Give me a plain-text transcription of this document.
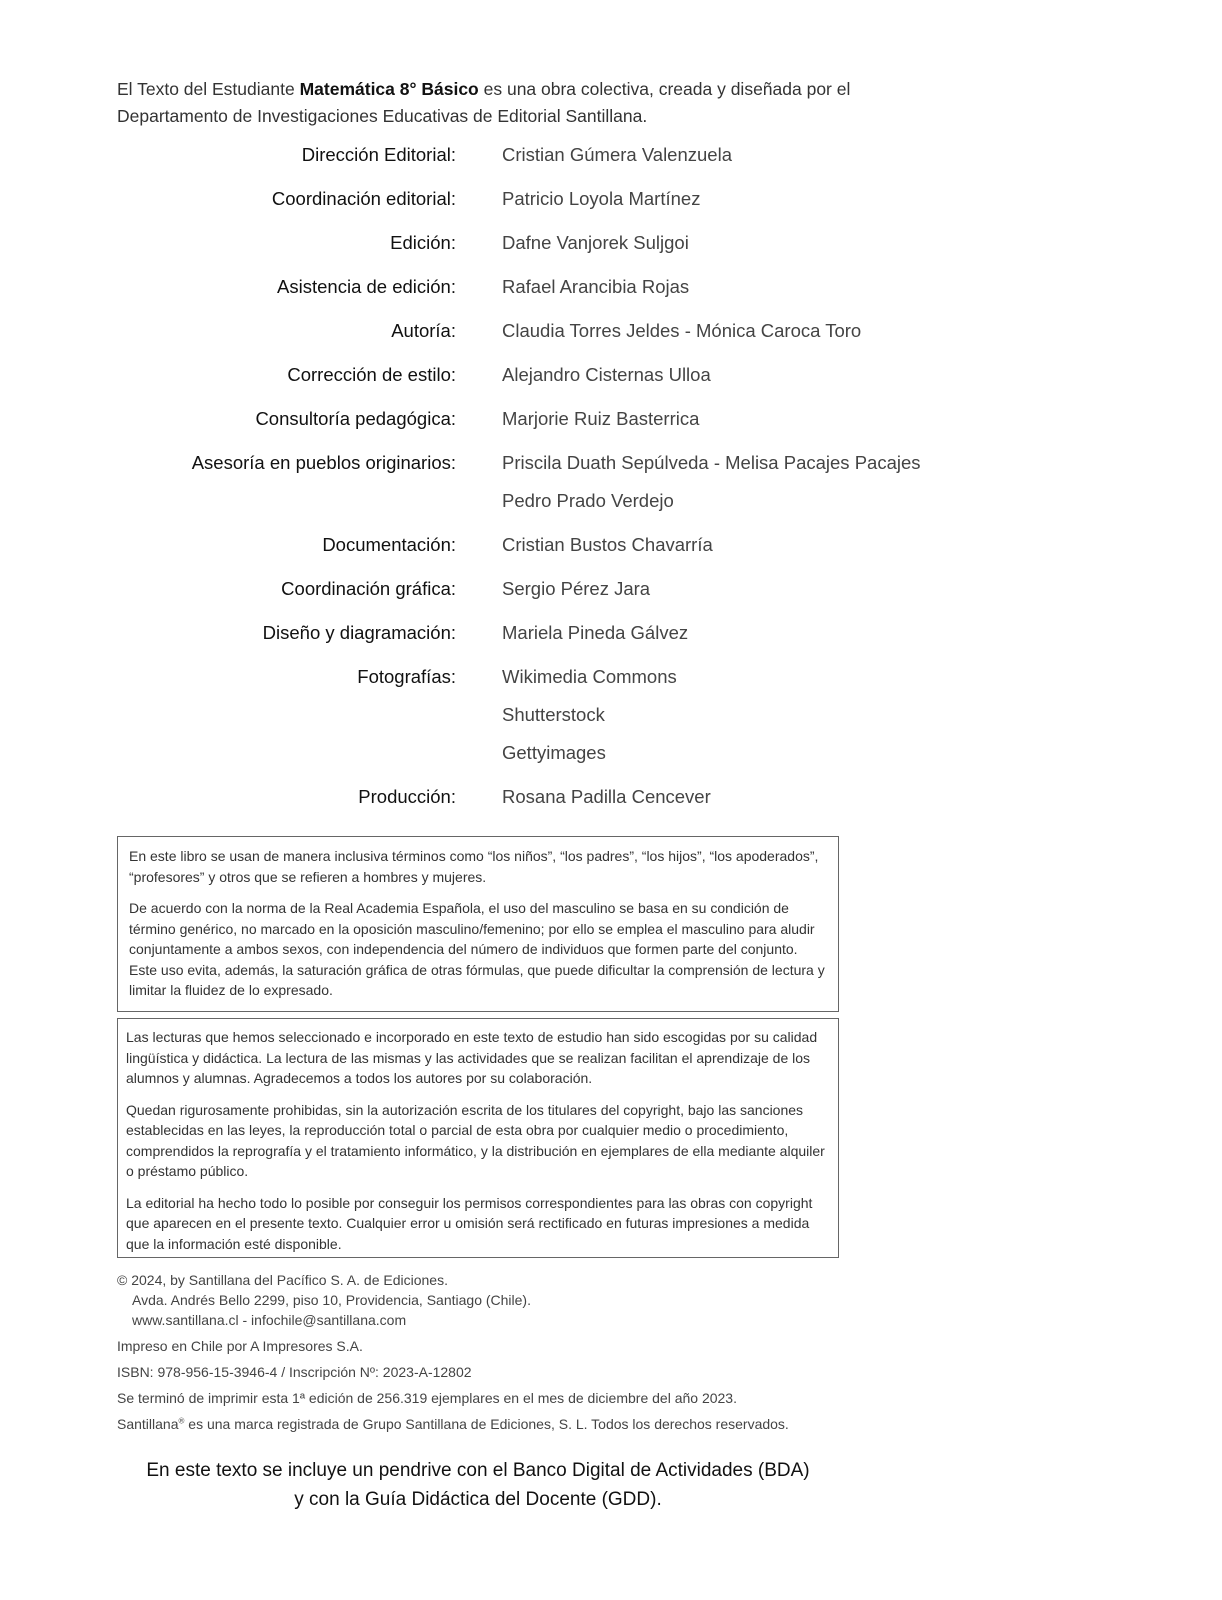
El Texto del Estudiante Matemática 8° Básico es una obra colectiva, creada y diseñada por el Departamento de Investigaciones Educativas de Editorial Santillana.
Dirección Editorial: Cristian Gúmera Valenzuela
Coordinación editorial: Patricio Loyola Martínez
Edición: Dafne Vanjorek Suljgoi
Asistencia de edición: Rafael Arancibia Rojas
Autoría: Claudia Torres Jeldes - Mónica Caroca Toro
Corrección de estilo: Alejandro Cisternas Ulloa
Consultoría pedagógica: Marjorie Ruiz Basterrica
Asesoría en pueblos originarios: Priscila Duath Sepúlveda - Melisa Pacajes Pacajes
Pedro Prado Verdejo
Documentación: Cristian Bustos Chavarría
Coordinación gráfica: Sergio Pérez Jara
Diseño y diagramación: Mariela Pineda Gálvez
Fotografías: Wikimedia Commons
Shutterstock
Gettyimages
Producción: Rosana Padilla Cencever

En este libro se usan de manera inclusiva términos como “los niños”, “los padres”, “los hijos”, “los apoderados”, “profesores” y otros que se refieren a hombres y mujeres.

De acuerdo con la norma de la Real Academia Española, el uso del masculino se basa en su condición de término genérico, no marcado en la oposición masculino/femenino; por ello se emplea el masculino para aludir conjuntamente a ambos sexos, con independencia del número de individuos que formen parte del conjunto. Este uso evita, además, la saturación gráfica de otras fórmulas, que puede dificultar la comprensión de lectura y limitar la fluidez de lo expresado.

Las lecturas que hemos seleccionado e incorporado en este texto de estudio han sido escogidas por su calidad lingüística y didáctica. La lectura de las mismas y las actividades que se realizan facilitan el aprendizaje de los alumnos y alumnas. Agradecemos a todos los autores por su colaboración.

Quedan rigurosamente prohibidas, sin la autorización escrita de los titulares del copyright, bajo las sanciones establecidas en las leyes, la reproducción total o parcial de esta obra por cualquier medio o procedimiento, comprendidos la reprografía y el tratamiento informático, y la distribución en ejemplares de ella mediante alquiler o préstamo público.

La editorial ha hecho todo lo posible por conseguir los permisos correspondientes para las obras con copyright que aparecen en el presente texto. Cualquier error u omisión será rectificado en futuras impresiones a medida que la información esté disponible.

© 2024, by Santillana del Pacífico S. A. de Ediciones.
Avda. Andrés Bello 2299, piso 10, Providencia, Santiago (Chile).
www.santillana.cl - infochile@santillana.com
Impreso en Chile por A Impresores S.A.
ISBN: 978-956-15-3946-4 / Inscripción Nº: 2023-A-12802
Se terminó de imprimir esta 1ª edición de 256.319 ejemplares en el mes de diciembre del año 2023.
Santillana® es una marca registrada de Grupo Santillana de Ediciones, S. L. Todos los derechos reservados.
En este texto se incluye un pendrive con el Banco Digital de Actividades (BDA)
y con la Guía Didáctica del Docente (GDD).
